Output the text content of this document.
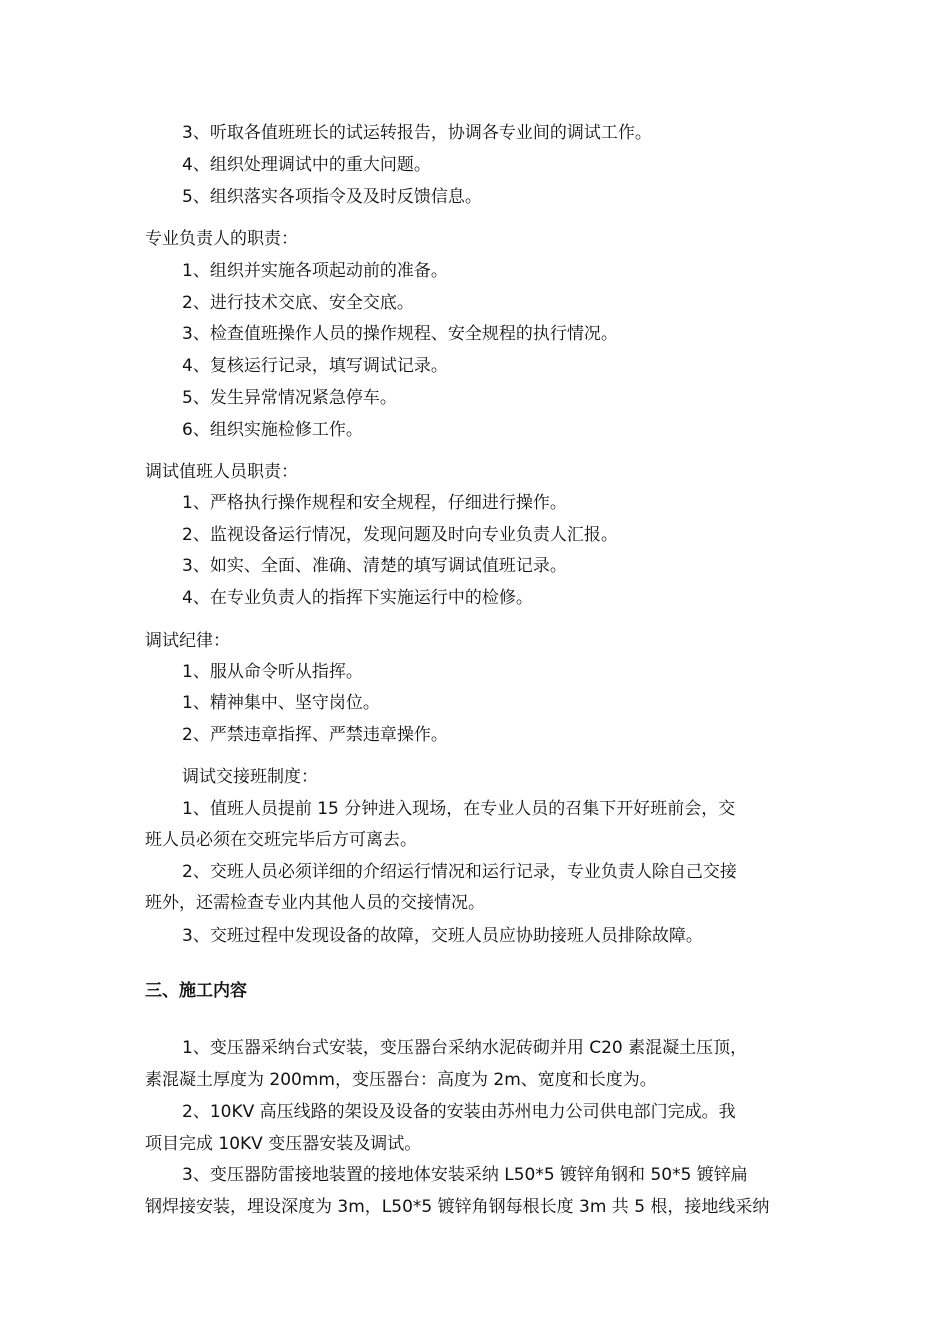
3、听取各值班班长的试运转报告，协调各专业间的调试工作。
4、组织处理调试中的重大问题。
5、组织落实各项指令及及时反馈信息。
专业负责人的职责：
1、组织并实施各项起动前的准备。
2、进行技术交底、安全交底。
3、检查值班操作人员的操作规程、安全规程的执行情况。
4、复核运行记录，填写调试记录。
5、发生异常情况紧急停车。
6、组织实施检修工作。
调试值班人员职责：
1、严格执行操作规程和安全规程，仔细进行操作。
2、监视设备运行情况，发现问题及时向专业负责人汇报。
3、如实、全面、准确、清楚的填写调试值班记录。
4、在专业负责人的指挥下实施运行中的检修。
调试纪律：
1、服从命令听从指挥。
1、精神集中、坚守岗位。
2、严禁违章指挥、严禁违章操作。
调试交接班制度：
1、值班人员提前 15 分钟进入现场，在专业人员的召集下开好班前会，交
班人员必须在交班完毕后方可离去。
2、交班人员必须详细的介绍运行情况和运行记录，专业负责人除自己交接
班外，还需检查专业内其他人员的交接情况。
3、交班过程中发现设备的故障，交班人员应协助接班人员排除故障。
三、施工内容
1、变压器采纳台式安装，变压器台采纳水泥砖砌并用 C20 素混凝土压顶，
素混凝土厚度为 200mm，变压器台：高度为 2m、宽度和长度为。
2、10KV 高压线路的架设及设备的安装由苏州电力公司供电部门完成。我
项目完成 10KV 变压器安装及调试。
3、变压器防雷接地装置的接地体安装采纳 L50*5 镀锌角钢和 50*5 镀锌扁
钢焊接安装，埋设深度为 3m，L50*5 镀锌角钢每根长度 3m 共 5 根，接地线采纳
